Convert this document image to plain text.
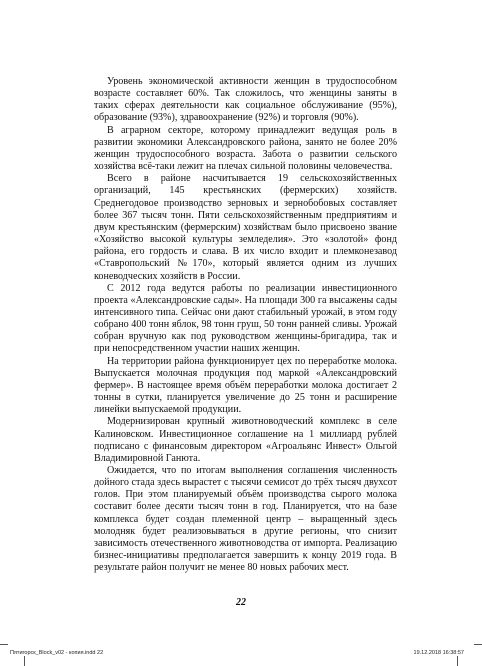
Уровень экономической активности женщин в трудоспособном возрасте составляет 60%. Так сложилось, что женщины заняты в таких сферах деятельности как социальное обслуживание (95%), образование (93%), здравоохранение (92%) и торговля (90%).

В аграрном секторе, которому принадлежит ведущая роль в развитии экономики Александровского района, занято не более 20% женщин трудоспособного возраста. Забота о развитии сельского хозяйства всё-таки лежит на плечах сильной половины человечества.

Всего в районе насчитывается 19 сельскохозяйственных организаций, 145 крестьянских (фермерских) хозяйств. Среднегодовое производство зерновых и зернобобовых составляет более 367 тысяч тонн. Пяти сельскохозяйственным предприятиям и двум крестьянским (фермерским) хозяйствам было присвоено звание «Хозяйство высокой культуры земледелия». Это «золотой» фонд района, его гордость и слава. В их число входит и племконезавод «Ставропольский №170», который является одним из лучших коневодческих хозяйств в России.

С 2012 года ведутся работы по реализации инвестиционного проекта «Александровские сады». На площади 300 га высажены сады интенсивного типа. Сейчас они дают стабильный урожай, в этом году собрано 400 тонн яблок, 98 тонн груш, 50 тонн ранней сливы. Урожай собран вручную как под руководством женщины-бригадира, так и при непосредственном участии наших женщин.

На территории района функционирует цех по переработке молока. Выпускается молочная продукция под маркой «Александровский фермер». В настоящее время объём переработки молока достигает 2 тонны в сутки, планируется увеличение до 25 тонн и расширение линейки выпускаемой продукции.

Модернизирован крупный животноводческий комплекс в селе Калиновском. Инвестиционное соглашение на 1 миллиард рублей подписано с финансовым директором «Агроальянс Инвест» Ольгой Владимировной Ганюта.

Ожидается, что по итогам выполнения соглашения численность дойного стада здесь вырастет с тысячи семисот до трёх тысяч двухсот голов. При этом планируемый объём производства сырого молока составит более десяти тысяч тонн в год. Планируется, что на базе комплекса будет создан племенной центр – выращенный здесь молодняк будет реализовываться в другие регионы, что снизит зависимость отечественного животноводства от импорта. Реализацию бизнес-инициативы предполагается завершить к концу 2019 года. В результате район получит не менее 80 новых рабочих мест.

22
Пятигорск_Block_v02 - копия.indd 22	19.12.2018 16:38:57
